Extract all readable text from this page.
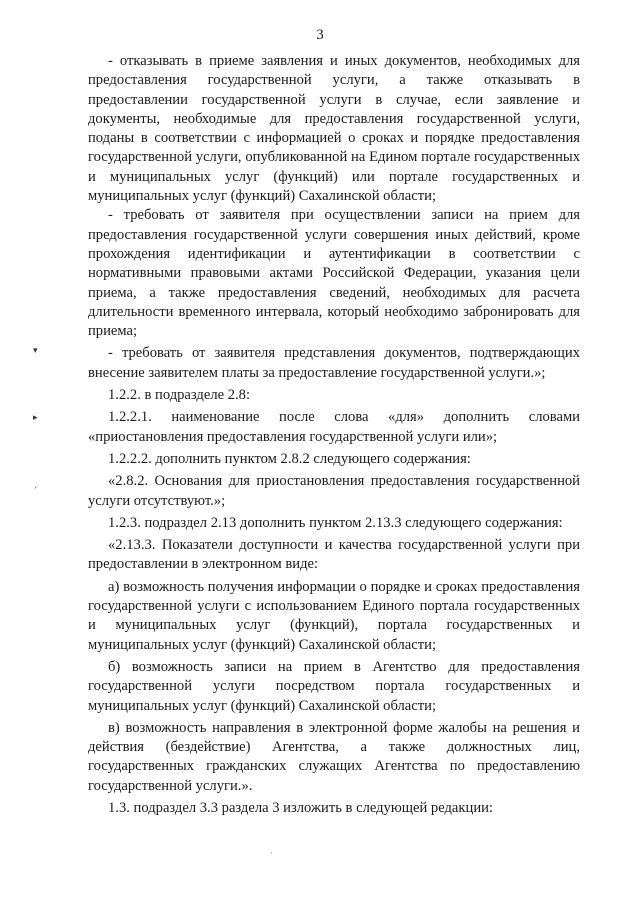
3

- отказывать в приеме заявления и иных документов, необходимых для предоставления государственной услуги, а также отказывать в предоставлении государственной услуги в случае, если заявление и документы, необходимые для предоставления государственной услуги, поданы в соответствии с информацией о сроках и порядке предоставления государственной услуги, опубликованной на Едином портале государственных и муниципальных услуг (функций) или портале государственных и муниципальных услуг (функций) Сахалинской области;

- требовать от заявителя при осуществлении записи на прием для предоставления государственной услуги совершения иных действий, кроме прохождения идентификации и аутентификации в соответствии с нормативными правовыми актами Российской Федерации, указания цели приема, а также предоставления сведений, необходимых для расчета длительности временного интервала, который необходимо забронировать для приема;

- требовать от заявителя представления документов, подтверждающих внесение заявителем платы за предоставление государственной услуги.»;

1.2.2. в подразделе 2.8:

1.2.2.1. наименование после слова «для» дополнить словами «приостановления предоставления государственной услуги или»;

1.2.2.2. дополнить пунктом 2.8.2 следующего содержания:

«2.8.2. Основания для приостановления предоставления государственной услуги отсутствуют.»;

1.2.3. подраздел 2.13 дополнить пунктом 2.13.3 следующего содержания:

«2.13.3. Показатели доступности и качества государственной услуги при предоставлении в электронном виде:

а) возможность получения информации о порядке и сроках предоставления государственной услуги с использованием Единого портала государственных и муниципальных услуг (функций), портала государственных и муниципальных услуг (функций) Сахалинской области;

б) возможность записи на прием в Агентство для предоставления государственной услуги посредством портала государственных и муниципальных услуг (функций) Сахалинской области;

в) возможность направления в электронной форме жалобы на решения и действия (бездействие) Агентства, а также должностных лиц, государственных гражданских служащих Агентства по предоставлению государственной услуги.».

1.3. подраздел 3.3 раздела 3 изложить в следующей редакции:

▾
▸
ˊ
·
